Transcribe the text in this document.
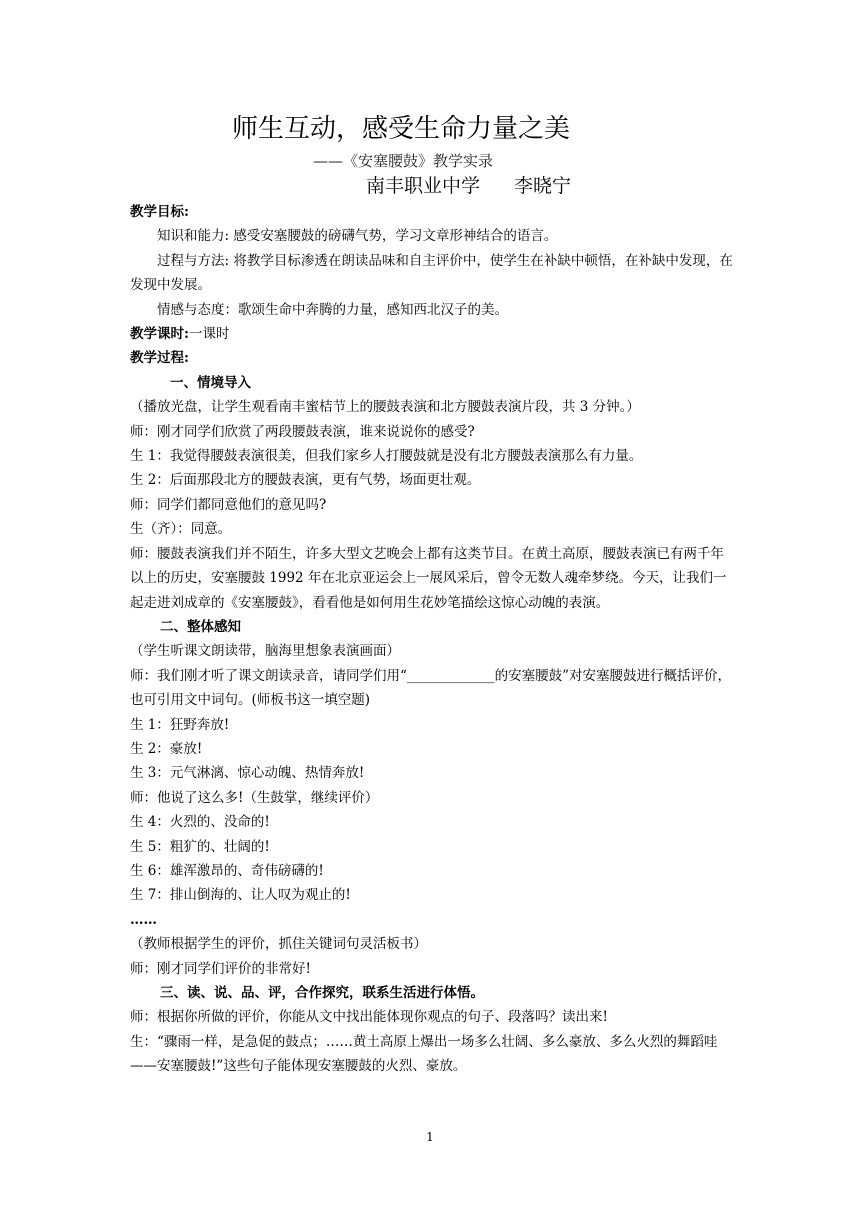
师生互动，感受生命力量之美
——《安塞腰鼓》教学实录
南丰职业中学 李晓宁
教学目标:
知识和能力: 感受安塞腰鼓的磅礴气势，学习文章形神结合的语言。
过程与方法: 将教学目标渗透在朗读品味和自主评价中，使学生在补缺中顿悟，在补缺中发现，在发现中发展。
情感与态度：歌颂生命中奔腾的力量，感知西北汉子的美。
教学课时:一课时
教学过程:
一、情境导入
（播放光盘，让学生观看南丰蜜桔节上的腰鼓表演和北方腰鼓表演片段，共 3 分钟。）
师：刚才同学们欣赏了两段腰鼓表演，谁来说说你的感受?
生 1：我觉得腰鼓表演很美，但我们家乡人打腰鼓就是没有北方腰鼓表演那么有力量。
生 2：后面那段北方的腰鼓表演，更有气势，场面更壮观。
师：同学们都同意他们的意见吗?
生（齐）：同意。
师：腰鼓表演我们并不陌生，许多大型文艺晚会上都有这类节目。在黄土高原，腰鼓表演已有两千年以上的历史，安塞腰鼓 1992 年在北京亚运会上一展风采后，曾令无数人魂牵梦绕。今天，让我们一起走进刘成章的《安塞腰鼓》，看看他是如何用生花妙笔描绘这惊心动魄的表演。
二、整体感知
（学生听课文朗读带，脑海里想象表演画面）
师：我们刚才听了课文朗读录音，请同学们用“_____________的安塞腰鼓”对安塞腰鼓进行概括评价，也可引用文中词句。(师板书这一填空题)
生 1：狂野奔放!
生 2：豪放!
生 3：元气淋漓、惊心动魄、热情奔放!
师：他说了这么多!（生鼓掌，继续评价）
生 4：火烈的、没命的!
生 5：粗犷的、壮阔的!
生 6：雄浑激昂的、奇伟磅礴的!
生 7：排山倒海的、让人叹为观止的!
……
（教师根据学生的评价，抓住关键词句灵活板书）
师：刚才同学们评价的非常好!
三、读、说、品、评，合作探究，联系生活进行体悟。
师：根据你所做的评价，你能从文中找出能体现你观点的句子、段落吗？读出来!
生：“骤雨一样，是急促的鼓点；……黄土高原上爆出一场多么壮阔、多么豪放、多么火烈的舞蹈哇——安塞腰鼓!”这些句子能体现安塞腰鼓的火烈、豪放。
1
